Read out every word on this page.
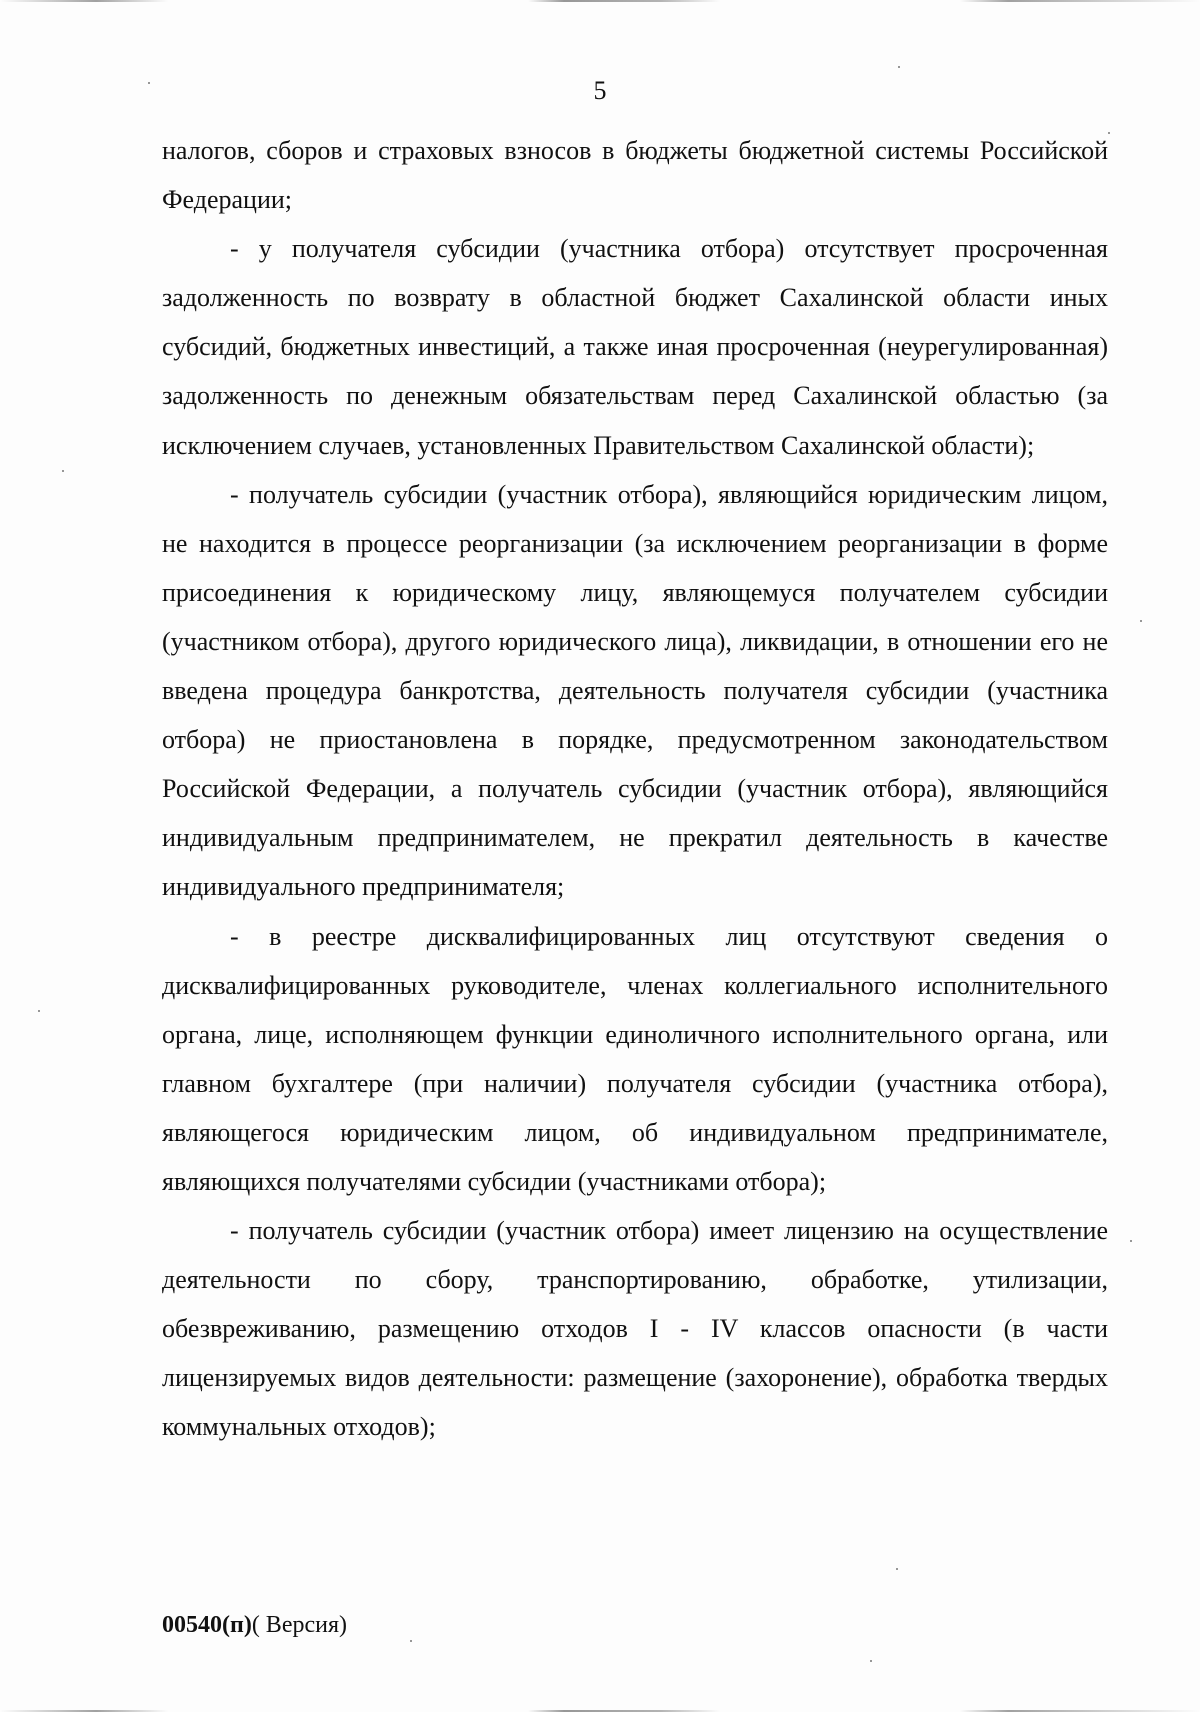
5

налогов, сборов и страховых взносов в бюджеты бюджетной системы Российской Федерации;

- у получателя субсидии (участника отбора) отсутствует просроченная задолженность по возврату в областной бюджет Сахалинской области иных субсидий, бюджетных инвестиций, а также иная просроченная (неурегулированная) задолженность по денежным обязательствам перед Сахалинской областью (за исключением случаев, установленных Правительством Сахалинской области);

- получатель субсидии (участник отбора), являющийся юридическим лицом, не находится в процессе реорганизации (за исключением реорганизации в форме присоединения к юридическому лицу, являющемуся получателем субсидии (участником отбора), другого юридического лица), ликвидации, в отношении его не введена процедура банкротства, деятельность получателя субсидии (участника отбора) не приостановлена в порядке, предусмотренном законодательством Российской Федерации, а получатель субсидии (участник отбора), являющийся индивидуальным предпринимателем, не прекратил деятельность в качестве индивидуального предпринимателя;

- в реестре дисквалифицированных лиц отсутствуют сведения о дисквалифицированных руководителе, членах коллегиального исполнительного органа, лице, исполняющем функции единоличного исполнительного органа, или главном бухгалтере (при наличии) получателя субсидии (участника отбора), являющегося юридическим лицом, об индивидуальном предпринимателе, являющихся получателями субсидии (участниками отбора);

- получатель субсидии (участник отбора) имеет лицензию на осуществление деятельности по сбору, транспортированию, обработке, утилизации, обезвреживанию, размещению отходов I - IV классов опасности (в части лицензируемых видов деятельности: размещение (захоронение), обработка твердых коммунальных отходов);

00540(п)( Версия)
